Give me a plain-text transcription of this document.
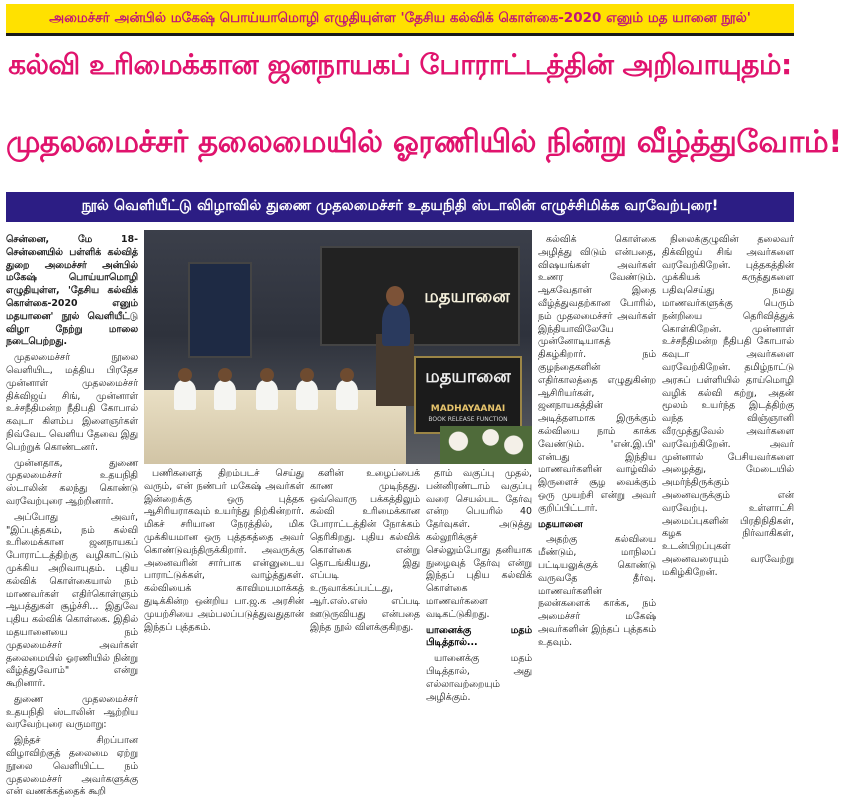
அமைச்சர் அன்பில் மகேஷ் பொய்யாமொழி எழுதியுள்ள 'தேசிய கல்விக் கொள்கை-2020 எனும் மத யானை நூல்'
கல்வி உரிமைக்கான ஜனநாயகப் போராட்டத்தின் அறிவாயுதம்:
முதலமைச்சர் தலைமையில் ஓரணியில் நின்று வீழ்த்துவோம்!
நூல் வெளியீட்டு விழாவில் துணை முதலமைச்சர் உதயநிதி ஸ்டாலின் எழுச்சிமிக்க வரவேற்புரை!

சென்னை, மே 18- சென்னையில் பள்ளிக் கல்வித் துறை அமைச்சர் அன்பில் மகேஷ் பொய்யாமொழி எழுதியுள்ள, 'தேசிய கல்விக் கொள்கை-2020 எனும் மதயானை' நூல் வெளியீட்டு விழா நேற்று மாலை நடைபெற்றது.

முதலமைச்சர் நூலை வெளியிட, மத்திய பிரதேச முன்னாள் முதலமைச்சர் திக்விஜய் சிங், முன்னாள் உச்சநீதிமன்ற நீதிபதி கோபால் கவுடா கிளம்ப இளைஞர்கள் நிவ்வேட வெளிய தேவை இது பெற்றுக் கொண்டனர்.

முன்னதாக, துணை முதலமைச்சர் உதயநிதி ஸ்டாலின் கலந்து கொண்டு வரவேற்புரை ஆற்றினார்.

அப்போது அவர், "இப்புத்தகம், நம் கல்வி உரிமைக்கான ஜனநாயகப் போராட்டத்திற்கு வழிகாட்டும் முக்கிய அறிவாயுதம். புதிய கல்விக் கொள்கையால் நம் மாணவர்கள் எதிர்கொள்ளும் ஆபத்துகள் சூழ்ச்சி... இதுவே புதிய கல்விக் கொள்கை. இதில் மதயானையை நம் முதலமைச்சர் அவர்கள் தலைமையில் ஓரணியில் நின்று வீழ்த்துவோம்" என்று கூறினார்.

துணை முதலமைச்சர் உதயநிதி ஸ்டாலின் ஆற்றிய வரவேற்புரை வருமாறு:

இந்தச் சிறப்பான விழாவிற்குத் தலைமை ஏற்று நூலை வெளியிட்ட நம் முதலமைச்சர் அவர்களுக்கு என் வணக்கத்தைக் கூறி

மதயானை
மதயானை
MADHAYAANAI
BOOK RELEASE FUNCTION

பணிகளைத் திறம்படச் செய்து வரும், என் நண்பர் மகேஷ் அவர்கள் இன்றைக்கு ஒரு புத்தக ஆசிரியராகவும் உயர்ந்து நிற்கின்றார். மிகச் சரியான நேரத்தில், மிக முக்கியமான ஒரு புத்தகத்தை அவர் கொண்டுவந்திருக்கிறார். அவருக்கு அனைவரின் சார்பாக என்னுடைய பாராட்டுக்கள், வாழ்த்துகள். கல்வியைக் காவிமயமாக்கத் துடிக்கின்ற ஒன்றிய பா.ஜ.க அரசின் முயற்சியை அம்பலப்படுத்துவதுதான் இந்தப் புத்தகம்.

களின் உழைப்பைக் காண முடிந்தது. ஒவ்வொரு பக்கத்திலும் கல்வி உரிமைக்கான போராட்டத்தின் நோக்கம் தெரிகிறது. புதிய கல்விக் கொள்கை என்று தொடங்கியது, இது எப்படி உருவாக்கப்பட்டது, ஆர்.எஸ்.எஸ் எப்படி ஊடுருவியது என்பதை இந்த நூல் விளக்குகிறது.

தாம் வகுப்பு முதல், பன்னிரண்டாம் வகுப்பு வரை செயல்பட தேர்வு என்ற பெயரில் 40 தேர்வுகள். அடுத்து கல்லூரிக்குச் செல்லும்போது தனியாக நுழைவுத் தேர்வு என்று இந்தப் புதிய கல்விக் கொள்கை மாணவர்களை வடிகட்டுகிறது.

யானைக்கு மதம் பிடித்தால்...

யானைக்கு மதம் பிடித்தால், அது எல்லாவற்றையும் அழிக்கும்.

கல்விக் கொள்கை அழித்து விடும் என்பதை, விஷயங்கள் அவர்கள் உணர வேண்டும். ஆகவேதான் இதை வீழ்த்துவதற்கான போரில், நம் முதலமைச்சர் அவர்கள் இந்தியாவிலேயே முன்னோடியாகத் திகழ்கிறார். நம் குழந்தைகளின் எதிர்காலத்தை எழுதுகின்ற ஆசிரியர்கள், ஜனநாயகத்தின் அடித்தளமாக இருக்கும் கல்வியை நாம் காக்க வேண்டும். 'என்.இ.பி' என்பது இந்திய மாணவர்களின் வாழ்வில் இருளைச் சூழ வைக்கும் ஒரு முயற்சி என்று அவர் குறிப்பிட்டார்.

மதயானை

அதற்கு கல்வியை மீண்டும், மாநிலப் பட்டியலுக்குக் கொண்டு வருவதே தீர்வு. மாணவர்களின் நலன்களைக் காக்க, நம் அமைச்சர் மகேஷ் அவர்களின் இந்தப் புத்தகம் உதவும்.

நிலைக்குழுவின் தலைவர் திக்விஜய் சிங் அவர்களை வரவேற்கிறேன். புத்தகத்தின் முக்கியக் கருத்துகளை பதிவுசெய்து நமது மாணவர்களுக்கு பெரும் நன்றியை தெரிவித்துக் கொள்கிறேன். முன்னாள் உச்சநீதிமன்ற நீதிபதி கோபால் கவுடா அவர்களை வரவேற்கிறேன். தமிழ்நாட்டு அரசுப் பள்ளியில் தாய்மொழி வழிக் கல்வி கற்று, அதன் மூலம் உயர்ந்த இடத்திற்கு வந்த விஞ்ஞானி வீரமுத்துவேல் அவர்களை வரவேற்கிறேன். அவர் முன்னால் பேசியவர்களை அழைத்து, மேடையில் அமர்ந்திருக்கும் அனைவருக்கும் என் வரவேற்பு. உள்ளாட்சி அமைப்புகளின் பிரதிநிதிகள், கழக நிர்வாகிகள், உடன்பிறப்புகள் அனைவரையும் வரவேற்று மகிழ்கிறேன்.
